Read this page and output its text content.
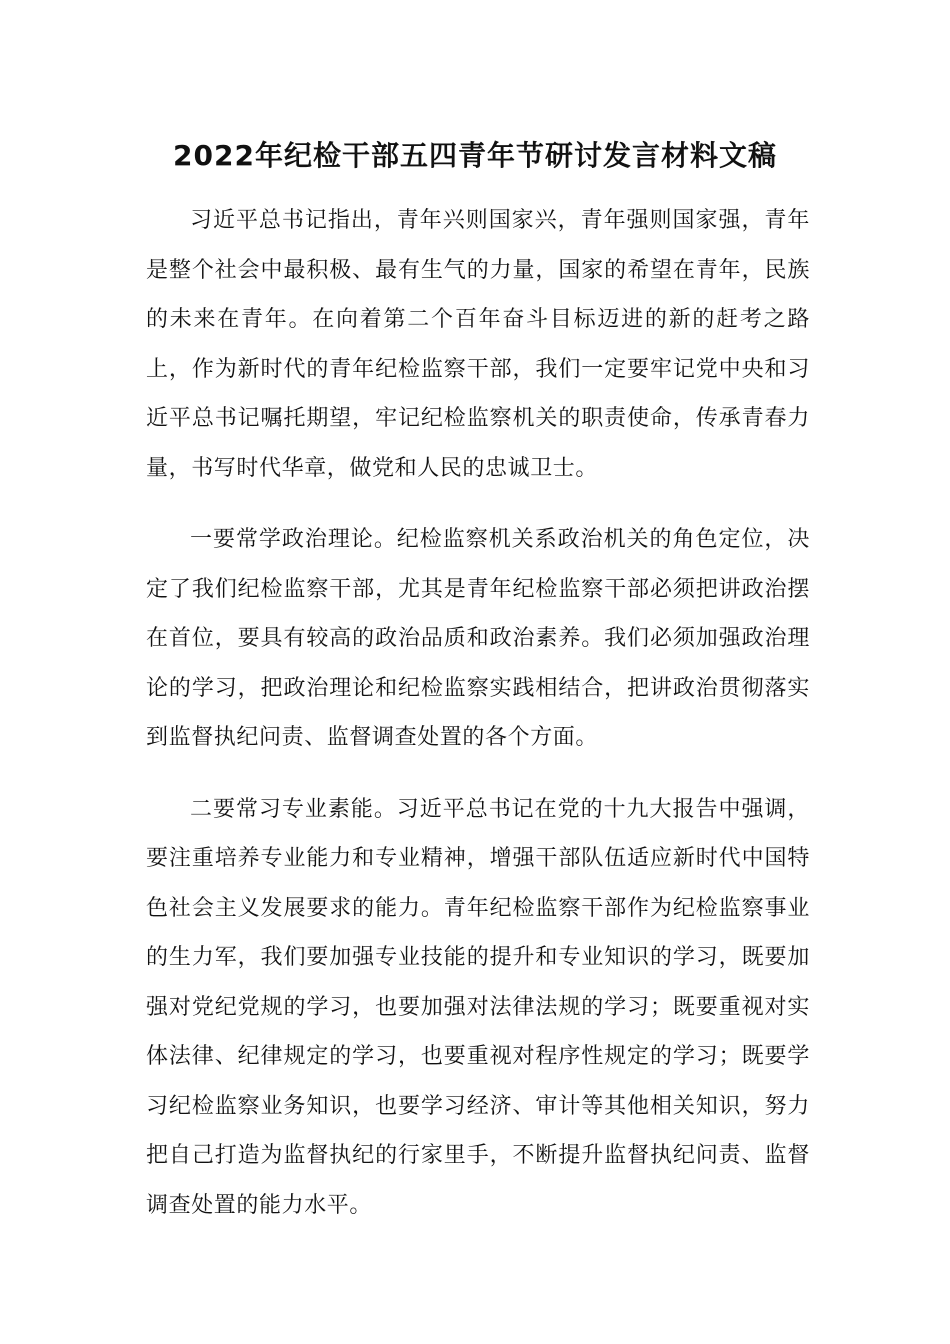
2022年纪检干部五四青年节研讨发言材料文稿

习近平总书记指出，青年兴则国家兴，青年强则国家强，青年是整个社会中最积极、最有生气的力量，国家的希望在青年，民族的未来在青年。在向着第二个百年奋斗目标迈进的新的赶考之路上，作为新时代的青年纪检监察干部，我们一定要牢记党中央和习近平总书记嘱托期望，牢记纪检监察机关的职责使命，传承青春力量，书写时代华章，做党和人民的忠诚卫士。

一要常学政治理论。纪检监察机关系政治机关的角色定位，决定了我们纪检监察干部，尤其是青年纪检监察干部必须把讲政治摆在首位，要具有较高的政治品质和政治素养。我们必须加强政治理论的学习，把政治理论和纪检监察实践相结合，把讲政治贯彻落实到监督执纪问责、监督调查处置的各个方面。

二要常习专业素能。习近平总书记在党的十九大报告中强调，要注重培养专业能力和专业精神，增强干部队伍适应新时代中国特色社会主义发展要求的能力。青年纪检监察干部作为纪检监察事业的生力军，我们要加强专业技能的提升和专业知识的学习，既要加强对党纪党规的学习，也要加强对法律法规的学习；既要重视对实体法律、纪律规定的学习，也要重视对程序性规定的学习；既要学习纪检监察业务知识，也要学习经济、审计等其他相关知识，努力把自己打造为监督执纪的行家里手，不断提升监督执纪问责、监督调查处置的能力水平。
